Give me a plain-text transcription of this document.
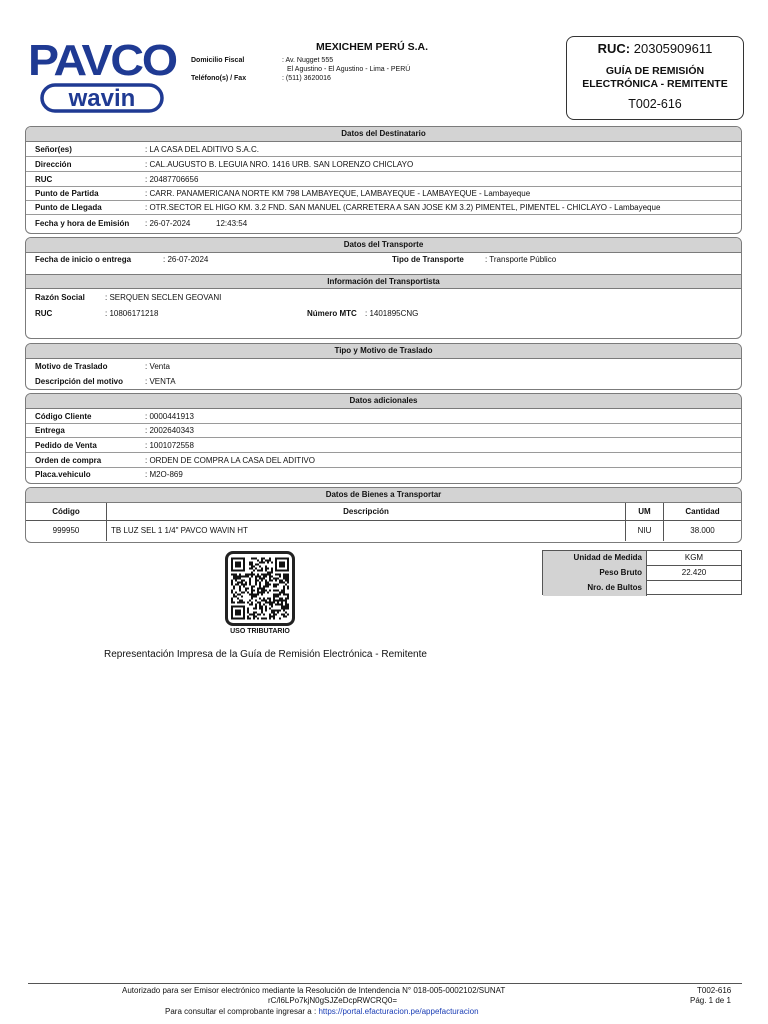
PAVCO
wavin
MEXICHEM PERÚ S.A.
Domicilio Fiscal	: Av. Nugget 555
El Agustino - El Agustino - Lima - PERÚ
Teléfono(s) / Fax	: (511) 3620016
RUC: 20305909611
GUÍA DE REMISIÓN
ELECTRÓNICA - REMITENTE
T002-616
Datos del Destinatario
Señor(es)	: LA CASA DEL ADITIVO S.A.C.
Dirección	: CAL.AUGUSTO B. LEGUIA NRO. 1416 URB. SAN LORENZO CHICLAYO
RUC	: 20487706656
Punto de Partida	: CARR. PANAMERICANA NORTE KM 798 LAMBAYEQUE, LAMBAYEQUE - LAMBAYEQUE - Lambayeque
Punto de Llegada	: OTR.SECTOR EL HIGO KM. 3.2 FND. SAN MANUEL (CARRETERA A SAN JOSE KM 3.2) PIMENTEL, PIMENTEL - CHICLAYO - Lambayeque
Fecha y hora de Emisión : 26-07-2024	12:43:54
Datos del Transporte
Fecha de inicio o entrega	: 26-07-2024	Tipo de Transporte	: Transporte Público
Información del Transportista
Razón Social	: SERQUEN SECLEN GEOVANI
RUC	: 10806171218	Número MTC : 1401895CNG
Tipo y Motivo de Traslado
Motivo de Traslado	: Venta
Descripción del motivo	: VENTA
Datos adicionales
Código Cliente	: 0000441913
Entrega	: 2002640343
Pedido de Venta	: 1001072558
Orden de compra	: ORDEN DE COMPRA LA CASA DEL ADITIVO
Placa.vehiculo	: M2O-869
Datos de Bienes a Transportar
Código	Descripción	UM	Cantidad
999950	TB LUZ SEL 1 1/4" PAVCO WAVIN HT	NIU	38.000
USO TRIBUTARIO
Unidad de Medida	KGM
Peso Bruto	22.420
Nro. de Bultos
Representación Impresa de la Guía de Remisión Electrónica - Remitente
Autorizado para ser Emisor electrónico mediante la Resolución de Intendencia N° 018-005-0002102/SUNAT
rC/l6LPo7kjN0gSJZeDcpRWCRQ0=
Para consultar el comprobante ingresar a : https://portal.efacturacion.pe/appefacturacion
T002-616
Pág. 1 de 1
